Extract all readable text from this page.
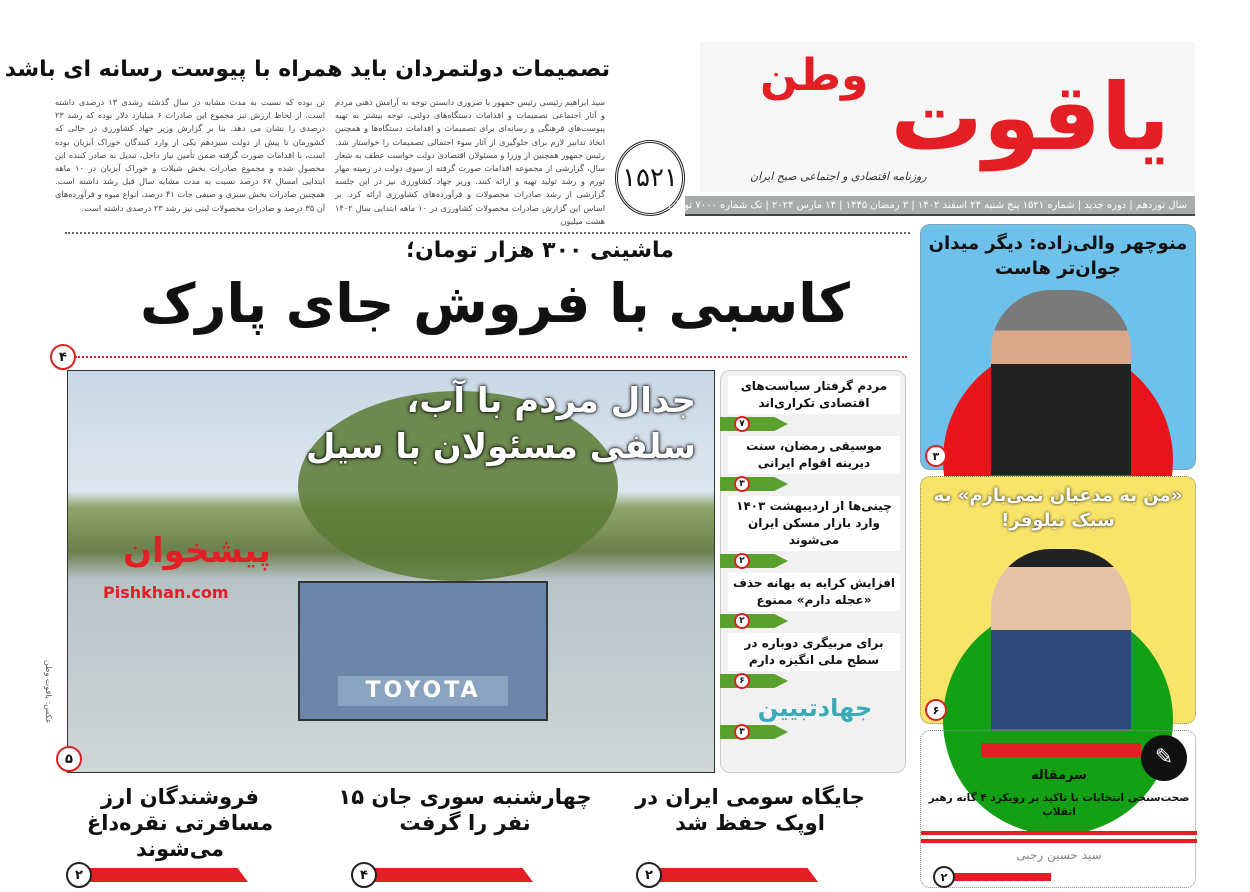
یاقوت
وطن
روزنامه اقتصادی و اجتماعی صبح ایران
۱۵۲۱
سال نوزدهم | دوره جدید | شماره ۱۵۲۱ پنج شنبه ۲۴ اسفند ۱۴۰۲ | ۳ رمضان ۱۴۴۵ | ۱۴ مارس ۲۰۲۴ | تک شماره ۷۰۰۰ تومان
تصمیمات دولتمردان باید همراه با پیوست رسانه ای باشد
سید ابراهیم رئیسی رئیس جمهور با ضروری دانستن توجه به آرامش ذهنی مردم و آثار اجتماعی تصمیمات و اقدامات دستگاه‌های دولتی، توجه بیشتر به تهیه پیوست‌های فرهنگی و رسانه‌ای برای تصمیمات و اقدامات دستگاه‌ها و همچنین اتخاذ تدابیر لازم برای جلوگیری از آثار سوء احتمالی تصمیمات را خواستار شد. رئیس جمهور همچنین از وزرا و مسئولان اقتصادی دولت خواست عطف به شعار سال، گزارشی از مجموعه اقدامات صورت گرفته از سوی دولت در زمینه مهار تورم و رشد تولید تهیه و ارائه کنند. وزیر جهاد کشاورزی نیز در این جلسه گزارشی از رشد صادرات محصولات و فرآورده‌های کشاورزی ارائه کرد. بر اساس این گزارش صادرات محصولات کشاورزی در ۱۰ ماهه ابتدایی سال ۱۴۰۲ هشت میلیون
تن بوده که نسبت به مدت مشابه در سال گذشته رشدی ۱۳ درصدی داشته است. از لحاظ ارزش نیز مجموع این صادرات ۶ میلیارد دلار بوده که رشد ۲۳ درصدی را نشان می دهد. بنا بر گزارش وزیر جهاد کشاورزی در حالی که کشورمان تا پیش از دولت سیزدهم یکی از وارد کنندگان خوراک آبزیان بوده است، با اقدامات صورت گرفته ضمن تأمین نیاز داخل، تبدیل به صادر کننده این محصول شده و مجموع صادرات بخش شیلات و خوراک آبزیان در ۱۰ ماهه ابتدایی امسال ۶۷ درصد نسبت به مدت مشابه سال قبل رشد داشته است. همچنین صادرات بخش سبزی و صیفی جات ۴۱ درصد، انواع میوه و فرآورده‌های آن ۳۵ درصد و صادرات محصولات لبنی نیز رشد ۲۳ درصدی داشته است.
ماشینی ۳۰۰ هزار تومان؛
کاسبی با فروش جای پارک
۴
TOYOTA
جدال مردم با آب،
سلفی مسئولان با سیل
پیشخوان
Pishkhan.com
عکس: یاقوت وطن
۵
مردم گرفتار سیاست‌های اقتصادی تکراری‌اند
۷
موسیقی رمضان، سنت دیرینه اقوام ایرانی
۳
چینی‌ها از اردیبهشت ۱۴۰۳ وارد بازار مسکن ایران می‌شوند
۲
افزایش کرایه به بهانه حذف «عجله دارم» ممنوع
۲
برای مربیگری دوباره در سطح ملی انگیزه دارم
۶
جهادتبیین
۳
منوچهر والی‌زاده: دیگر میدان جوان‌تر هاست
۳
«من به مدعیان نمی‌بازم» به سبک نیلوفر!
۶
✎
سرمقاله
صحت‌سنجی انتخابات با تاکید بر رویکرد ۴ گانه رهبر انقلاب
سید حسین رجبی
۲
جایگاه سومی ایران در اوپک حفظ شد
۲
چهارشنبه سوری جان ۱۵ نفر را گرفت
۴
فروشندگان ارز مسافرتی نقره‌داغ می‌شوند
۲
